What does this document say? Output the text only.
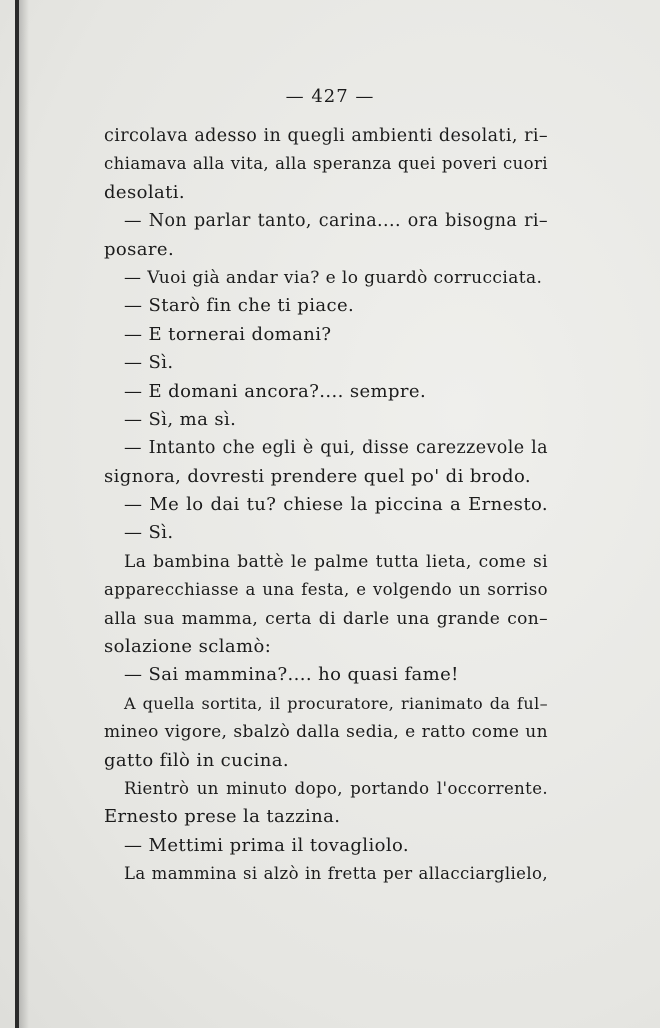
— 427 —
circolava adesso in quegli ambienti desolati, ri–
chiamava alla vita, alla speranza quei poveri cuori
desolati.
— Non parlar tanto, carina.... ora bisogna ri–
posare.
— Vuoi già andar via? e lo guardò corrucciata.
— Starò fin che ti piace.
— E tornerai domani?
— Sì.
— E domani ancora?.... sempre.
— Sì, ma sì.
— Intanto che egli è qui, disse carezzevole la
signora, dovresti prendere quel po' di brodo.
— Me lo dai tu? chiese la piccina a Ernesto.
— Sì.
La bambina battè le palme tutta lieta, come si
apparecchiasse a una festa, e volgendo un sorriso
alla sua mamma, certa di darle una grande con–
solazione sclamò:
— Sai mammina?.... ho quasi fame!
A quella sortita, il procuratore, rianimato da ful–
mineo vigore, sbalzò dalla sedia, e ratto come un
gatto filò in cucina.
Rientrò un minuto dopo, portando l'occorrente.
Ernesto prese la tazzina.
— Mettimi prima il tovagliolo.
La mammina si alzò in fretta per allacciarglielo,
